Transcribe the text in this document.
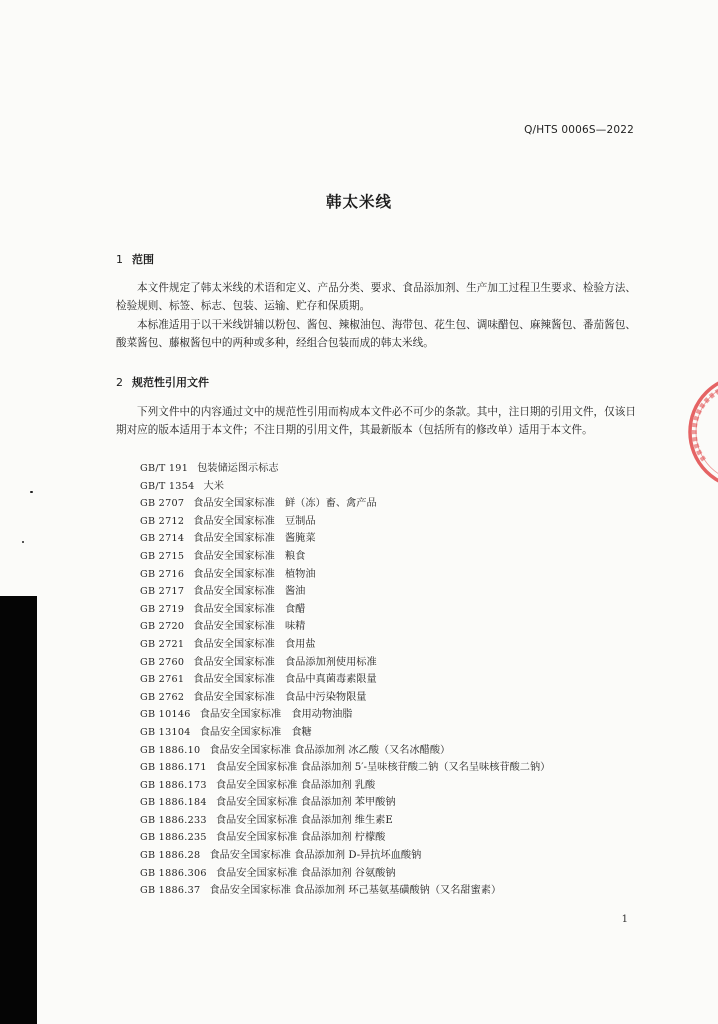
Q/HTS 0006S—2022
韩太米线
1 范围

本文件规定了韩太米线的术语和定义、产品分类、要求、食品添加剂、生产加工过程卫生要求、检验方法、检验规则、标签、标志、包装、运输、贮存和保质期。

本标准适用于以干米线饼辅以粉包、酱包、辣椒油包、海带包、花生包、调味醋包、麻辣酱包、番茄酱包、酸菜酱包、藤椒酱包中的两种或多种，经组合包装而成的韩太米线。

2 规范性引用文件

下列文件中的内容通过文中的规范性引用而构成本文件必不可少的条款。其中，注日期的引用文件，仅该日期对应的版本适用于本文件；不注日期的引用文件，其最新版本（包括所有的修改单）适用于本文件。

GB/T 191 包装储运图示标志
GB/T 1354 大米
GB 2707 食品安全国家标准　鲜（冻）畜、禽产品
GB 2712 食品安全国家标准　豆制品
GB 2714 食品安全国家标准　酱腌菜
GB 2715 食品安全国家标准　粮食
GB 2716 食品安全国家标准　植物油
GB 2717 食品安全国家标准　酱油
GB 2719 食品安全国家标准　食醋
GB 2720 食品安全国家标准　味精
GB 2721 食品安全国家标准　食用盐
GB 2760 食品安全国家标准　食品添加剂使用标准
GB 2761 食品安全国家标准　食品中真菌毒素限量
GB 2762 食品安全国家标准　食品中污染物限量
GB 10146 食品安全国家标准　食用动物油脂
GB 13104 食品安全国家标准　食糖
GB 1886.10 食品安全国家标准 食品添加剂 冰乙酸（又名冰醋酸）
GB 1886.171 食品安全国家标准 食品添加剂 5′-呈味核苷酸二钠（又名呈味核苷酸二钠）
GB 1886.173 食品安全国家标准 食品添加剂 乳酸
GB 1886.184 食品安全国家标准 食品添加剂 苯甲酸钠
GB 1886.233 食品安全国家标准 食品添加剂 维生素E
GB 1886.235 食品安全国家标准 食品添加剂 柠檬酸
GB 1886.28 食品安全国家标准 食品添加剂 D-异抗坏血酸钠
GB 1886.306 食品安全国家标准 食品添加剂 谷氨酸钠
GB 1886.37 食品安全国家标准 食品添加剂 环己基氨基磺酸钠（又名甜蜜素）
1
